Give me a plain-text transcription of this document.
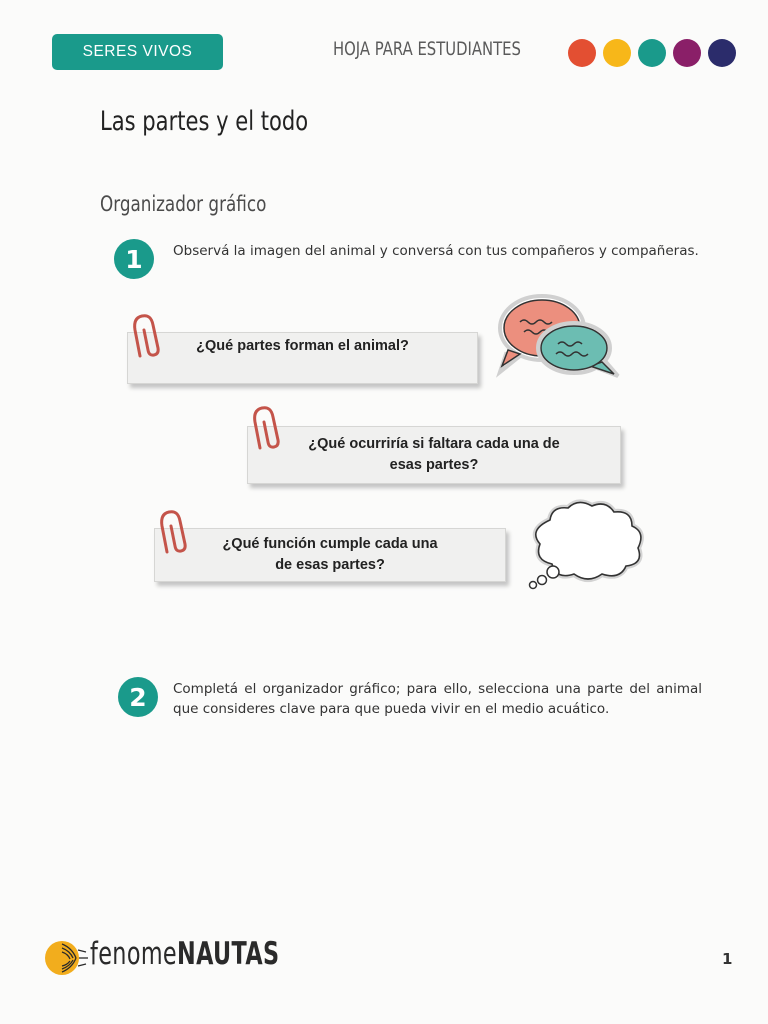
SERES VIVOS	HOJA PARA ESTUDIANTES
Las partes y el todo
Organizador gráfico
1	Observá la imagen del animal y conversá con tus compañeros y compañeras.
¿Qué partes forman el animal?
¿Qué ocurriría si faltara cada una de
esas partes?
¿Qué función cumple cada una
de esas partes?
2	Completá el organizador gráfico; para ello, selecciona una parte del animal que consideres clave para que pueda vivir en el medio acuático.
fenomeNAUTAS	1
